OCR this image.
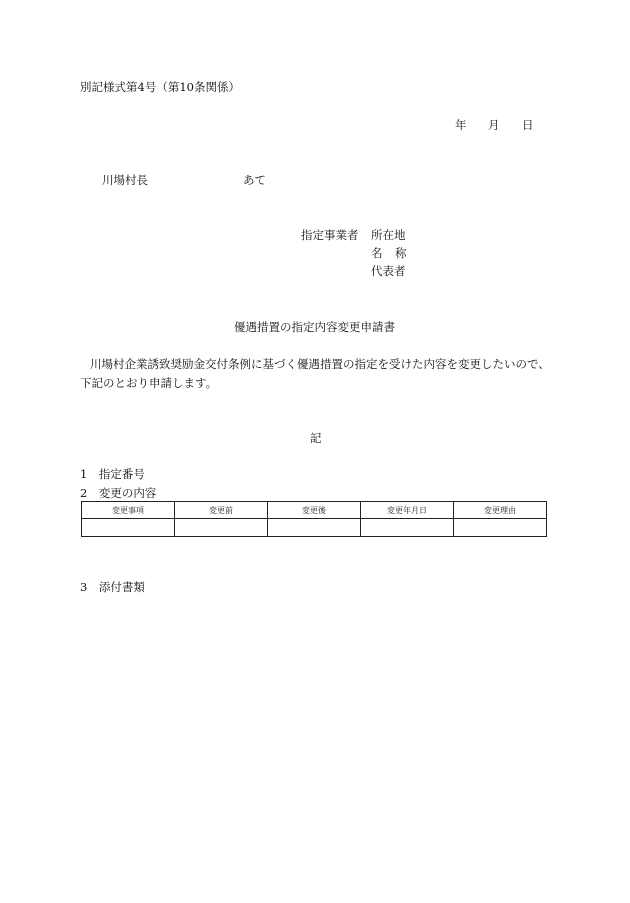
別記様式第4号（第10条関係）
年 月 日
川場村長	あて
指定事業者 所在地
名 称
代表者
優遇措置の指定内容変更申請書
川場村企業誘致奨励金交付条例に基づく優遇措置の指定を受けた内容を変更したいので、
下記のとおり申請します。
記
1　指定番号
2　変更の内容
変更事項	変更前	変更後	変更年月日	変更理由

3　添付書類
